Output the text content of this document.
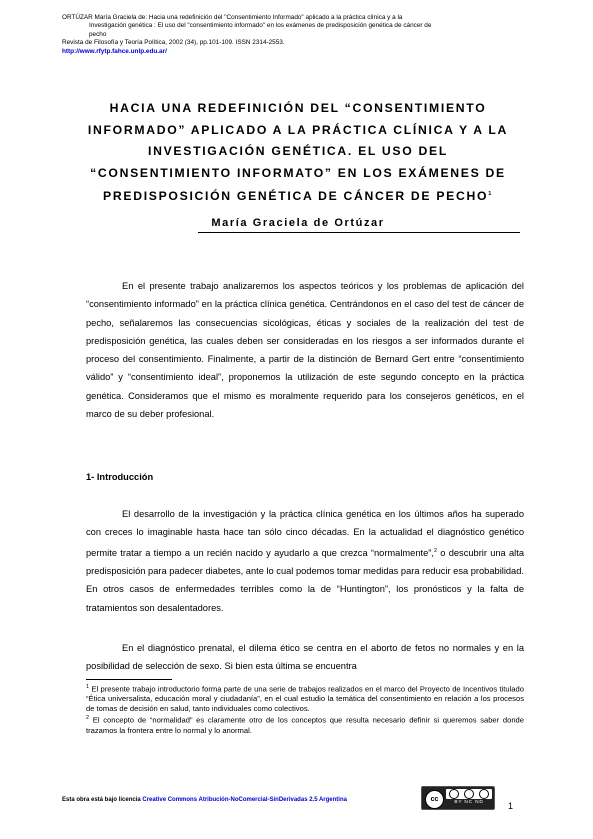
ORTÚZAR María Graciela de: Hacia una redefinición del "Consentimiento Informado" aplicado a la práctica clínica y a la
Investigación genética : El uso del "consentimiento informado" en los exámenes de predisposición genética de cáncer de
pecho
Revista de Filosofía y Teoría Política, 2002 (34), pp.101-109. ISSN 2314-2553.
http://www.rfytp.fahce.unlp.edu.ar/
HACIA UNA REDEFINICIÓN DEL “CONSENTIMIENTO
INFORMADO” APLICADO A LA PRÁCTICA CLÍNICA Y A LA
INVESTIGACIÓN GENÉTICA. EL USO DEL
“CONSENTIMIENTO INFORMATO” EN LOS EXÁMENES DE
PREDISPOSICIÓN GENÉTICA DE CÁNCER DE PECHO$^1$
María Graciela de Ortúzar
En el presente trabajo analizaremos los aspectos teóricos y los problemas de aplicación del “consentimiento informado” en la práctica clínica genética. Centrándonos en el caso del test de cáncer de pecho, señalaremos las consecuencias sicológicas, éticas y sociales de la realización del test de predisposición genética, las cuales deben ser consideradas en los riesgos a ser informados durante el proceso del consentimiento. Finalmente, a partir de la distinción de Bernard Gert entre “consentimiento válido” y “consentimiento ideal”, proponemos la utilización de este segundo concepto en la práctica genética. Consideramos que el mismo es moralmente requerido para los consejeros genéticos, en el marco de su deber profesional.
1- Introducción
El desarrollo de la investigación y la práctica clínica genética en los últimos años ha superado con creces lo imaginable hasta hace tan sólo cinco décadas. En la actualidad el diagnóstico genético permite tratar a tiempo a un recién nacido y ayudarlo a que crezca “normalmente”,$^2$ o descubrir una alta predisposición para padecer diabetes, ante lo cual podemos tomar medidas para reducir esa probabilidad. En otros casos de enfermedades terribles como la de “Huntington”, los pronósticos y la falta de tratamientos son desalentadores.
En el diagnóstico prenatal, el dilema ético se centra en el aborto de fetos no normales y en la posibilidad de selección de sexo. Si bien esta última se encuentra

$^1$ El presente trabajo introductorio forma parte de una serie de trabajos realizados en el marco del Proyecto de Incentivos titulado “Ética universalista, educación moral y ciudadanía”, en el cual estudio la temática del consentimiento en relación a los procesos de tomas de decisión en salud, tanto individuales como colectivos.

$^2$ El concepto de “normalidad” es claramente otro de los conceptos que resulta necesario definir si queremos saber donde trazamos la frontera entre lo normal y lo anormal.

Esta obra está bajo licencia Creative Commons Atribución-NoComercial-SinDerivadas 2.5 Argentina	cc	BY NC ND	1
